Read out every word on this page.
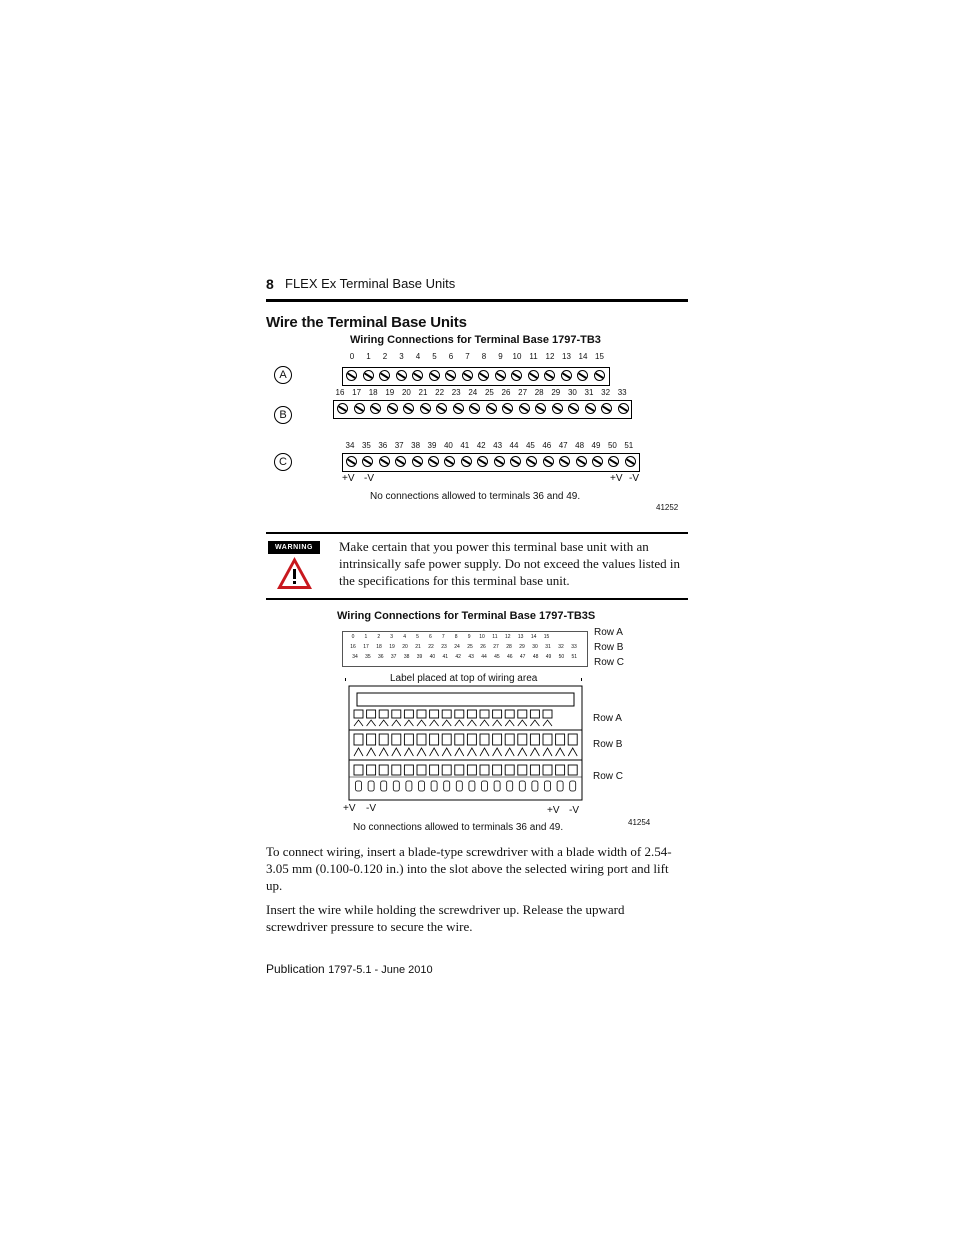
8 FLEX Ex Terminal Base Units
Wire the Terminal Base Units
Wiring Connections for Terminal Base 1797-TB3
0	1	2	3	4	5	6	7	8	9	10 11 12 13 14 15
16 17 18 19 20 21 22 23 24 25 26 27 28 29 30 31 32 33
34 35 36 37 38 39 40 41 42 43 44 45 46 47 48 49 50 51
A
B
C
+V -V	+V -V
No connections allowed to terminals 36 and 49.
41252
WARNING	Make certain that you power this terminal base unit with an intrinsically safe power supply. Do not exceed the values listed in the specifications for this terminal base unit.
Wiring Connections for Terminal Base 1797-TB3S
0	1	2	3	4	5	6	7	8	9	10	11	12	13	14	15
16	17	18	19	20	21	22	23	24	25	26	27	28	29	30	31	32	33
34	35	36	37	38	39	40	41	42	43	44	45	46	47	48	49	50	51
Row A
Row B
Row C
Label placed at top of wiring area
Row A
Row B
Row C
+V -V	+V -V
No connections allowed to terminals 36 and 49.	41254
To connect wiring, insert a blade-type screwdriver with a blade width of 2.54-3.05 mm (0.100-0.120 in.) into the slot above the selected wiring port and lift up.
Insert the wire while holding the screwdriver up. Release the upward screwdriver pressure to secure the wire.
Publication 1797-5.1 - June 2010
